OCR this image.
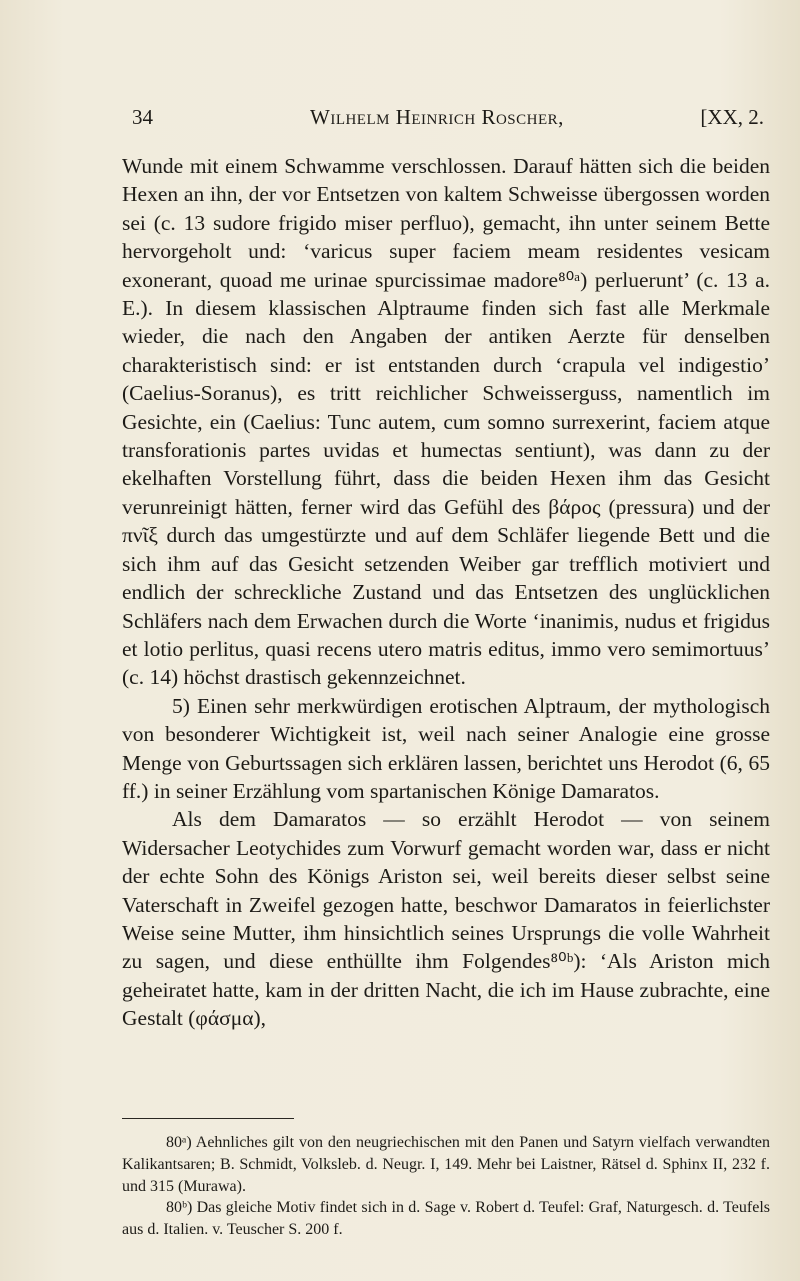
34	Wilhelm Heinrich Roscher,	[XX, 2.

Wunde mit einem Schwamme verschlossen. Darauf hätten sich die beiden Hexen an ihn, der vor Entsetzen von kaltem Schweisse übergossen worden sei (c. 13 sudore frigido miser perfluo), gemacht, ihn unter seinem Bette hervorgeholt und: ‘varicus super faciem meam residentes vesicam exonerant, quoad me urinae spurcissimae madore⁸⁰ᵃ) perluerunt’ (c. 13 a. E.). In diesem klassischen Alptraume finden sich fast alle Merkmale wieder, die nach den Angaben der antiken Aerzte für denselben charakteristisch sind: er ist entstanden durch ‘crapula vel indigestio’ (Caelius-Soranus), es tritt reichlicher Schweisserguss, namentlich im Gesichte, ein (Caelius: Tunc autem, cum somno surrexerint, faciem atque transforationis partes uvidas et humectas sentiunt), was dann zu der ekelhaften Vorstellung führt, dass die beiden Hexen ihm das Gesicht verunreinigt hätten, ferner wird das Gefühl des βάρος (pressura) und der πνῖξ durch das umgestürzte und auf dem Schläfer liegende Bett und die sich ihm auf das Gesicht setzenden Weiber gar trefflich motiviert und endlich der schreckliche Zustand und das Entsetzen des unglücklichen Schläfers nach dem Erwachen durch die Worte ‘inanimis, nudus et frigidus et lotio perlitus, quasi recens utero matris editus, immo vero semimortuus’ (c. 14) höchst drastisch gekennzeichnet.

5) Einen sehr merkwürdigen erotischen Alptraum, der mythologisch von besonderer Wichtigkeit ist, weil nach seiner Analogie eine grosse Menge von Geburtssagen sich erklären lassen, berichtet uns Herodot (6, 65 ff.) in seiner Erzählung vom spartanischen Könige Damaratos.

Als dem Damaratos — so erzählt Herodot — von seinem Widersacher Leotychides zum Vorwurf gemacht worden war, dass er nicht der echte Sohn des Königs Ariston sei, weil bereits dieser selbst seine Vaterschaft in Zweifel gezogen hatte, beschwor Damaratos in feierlichster Weise seine Mutter, ihm hinsichtlich seines Ursprungs die volle Wahrheit zu sagen, und diese enthüllte ihm Folgendes⁸⁰ᵇ): ‘Als Ariston mich geheiratet hatte, kam in der dritten Nacht, die ich im Hause zubrachte, eine Gestalt (φάσμα),

80ᵃ) Aehnliches gilt von den neugriechischen mit den Panen und Satyrn vielfach verwandten Kalikantsaren; B. Schmidt, Volksleb. d. Neugr. I, 149. Mehr bei Laistner, Rätsel d. Sphinx II, 232 f. und 315 (Murawa).

80ᵇ) Das gleiche Motiv findet sich in d. Sage v. Robert d. Teufel: Graf, Naturgesch. d. Teufels aus d. Italien. v. Teuscher S. 200 f.
